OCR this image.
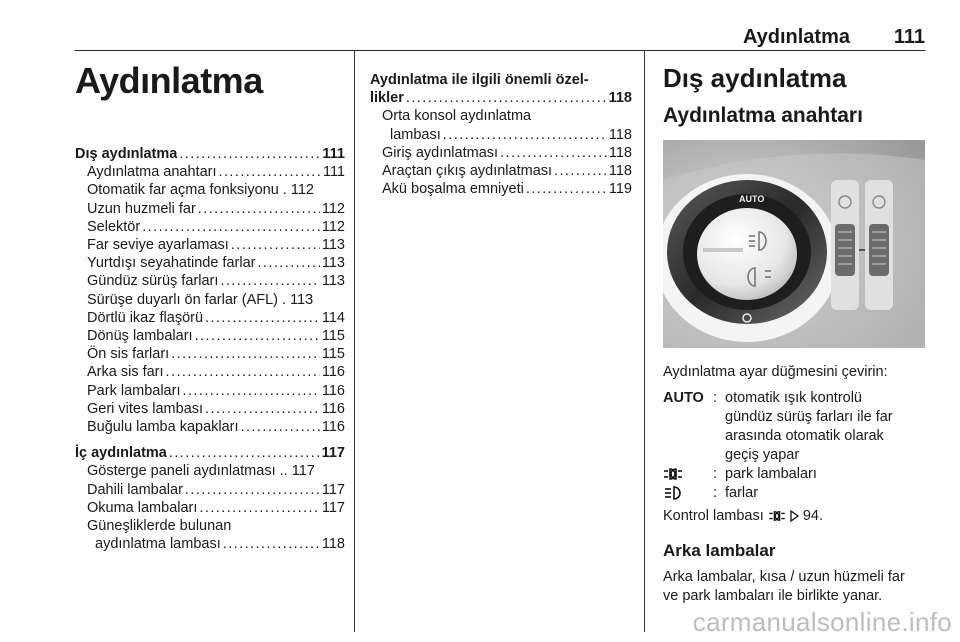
Aydınlatma 111
Aydınlatma
Dış aydınlatma . . .	111
Aydınlatma anahtarı . . .	111
Otomatik far açma fonksiyonu . 112
Uzun huzmeli far . . .	112
Selektör . . .	112
Far seviye ayarlaması . . .	113
Yurtdışı seyahatinde farlar . . .	113
Gündüz sürüş farları . . .	113
Sürüşe duyarlı ön farlar (AFL) . 113
Dörtlü ikaz flaşörü . . .	114
Dönüş lambaları . . .	115
Ön sis farları . . .	115
Arka sis farı . . .	116
Park lambaları . . .	116
Geri vites lambası . . .	116
Buğulu lamba kapakları . . .	116
İç aydınlatma . . .	117
Gösterge paneli aydınlatması .. 117
Dahili lambalar . . .	117
Okuma lambaları . . .	117
Güneşliklerde bulunan
aydınlatma lambası . . .	118
Aydınlatma ile ilgili önemli özel-
likler . . .	118
Orta konsol aydınlatma
lambası . . .	118
Giriş aydınlatması . . .	118
Araçtan çıkış aydınlatması . . .	118
Akü boşalma emniyeti . . .	119
Dış aydınlatma
Aydınlatma anahtarı
AUTO
Aydınlatma ayar düğmesini çevirin:
AUTO : otomatik ışık kontrolü
gündüz sürüş farları ile far
arasında otomatik olarak
geçiş yapar
: park lambaları
: farlar
Kontrol lambası	94.
Arka lambalar
Arka lambalar, kısa / uzun hüzmeli far
ve park lambaları ile birlikte yanar.
carmanualsonline.info
